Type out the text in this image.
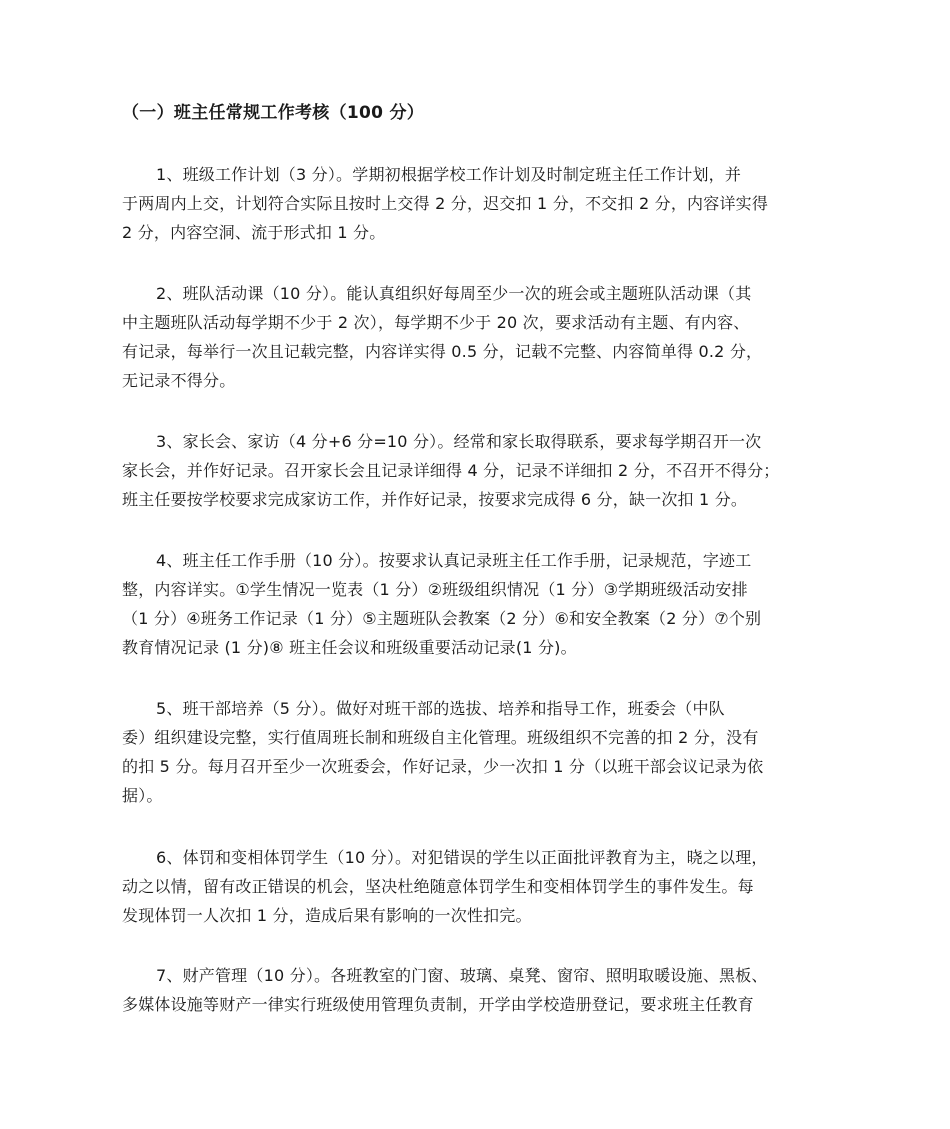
（一）班主任常规工作考核（100 分）
1、班级工作计划（3 分）。学期初根据学校工作计划及时制定班主任工作计划，并
于两周内上交，计划符合实际且按时上交得 2 分，迟交扣 1 分，不交扣 2 分，内容详实得
2 分，内容空洞、流于形式扣 1 分。
2、班队活动课（10 分）。能认真组织好每周至少一次的班会或主题班队活动课（其
中主题班队活动每学期不少于 2 次），每学期不少于 20 次，要求活动有主题、有内容、
有记录，每举行一次且记载完整，内容详实得 0.5 分，记载不完整、内容简单得 0.2 分，
无记录不得分。
3、家长会、家访（4 分+6 分=10 分）。经常和家长取得联系，要求每学期召开一次
家长会，并作好记录。召开家长会且记录详细得 4 分，记录不详细扣 2 分，不召开不得分；
班主任要按学校要求完成家访工作，并作好记录，按要求完成得 6 分，缺一次扣 1 分。
4、班主任工作手册（10 分）。按要求认真记录班主任工作手册，记录规范，字迹工
整，内容详实。①学生情况一览表（1 分）②班级组织情况（1 分）③学期班级活动安排
（1 分）④班务工作记录（1 分）⑤主题班队会教案（2 分）⑥和安全教案（2 分）⑦个别
教育情况记录 (1 分)⑧ 班主任会议和班级重要活动记录(1 分)。
5、班干部培养（5 分）。做好对班干部的选拔、培养和指导工作，班委会（中队
委）组织建设完整，实行值周班长制和班级自主化管理。班级组织不完善的扣 2 分，没有
的扣 5 分。每月召开至少一次班委会，作好记录，少一次扣 1 分（以班干部会议记录为依
据）。
6、体罚和变相体罚学生（10 分）。对犯错误的学生以正面批评教育为主，晓之以理，
动之以情，留有改正错误的机会，坚决杜绝随意体罚学生和变相体罚学生的事件发生。每
发现体罚一人次扣 1 分，造成后果有影响的一次性扣完。
7、财产管理（10 分）。各班教室的门窗、玻璃、桌凳、窗帘、照明取暖设施、黑板、
多媒体设施等财产一律实行班级使用管理负责制，开学由学校造册登记，要求班主任教育
